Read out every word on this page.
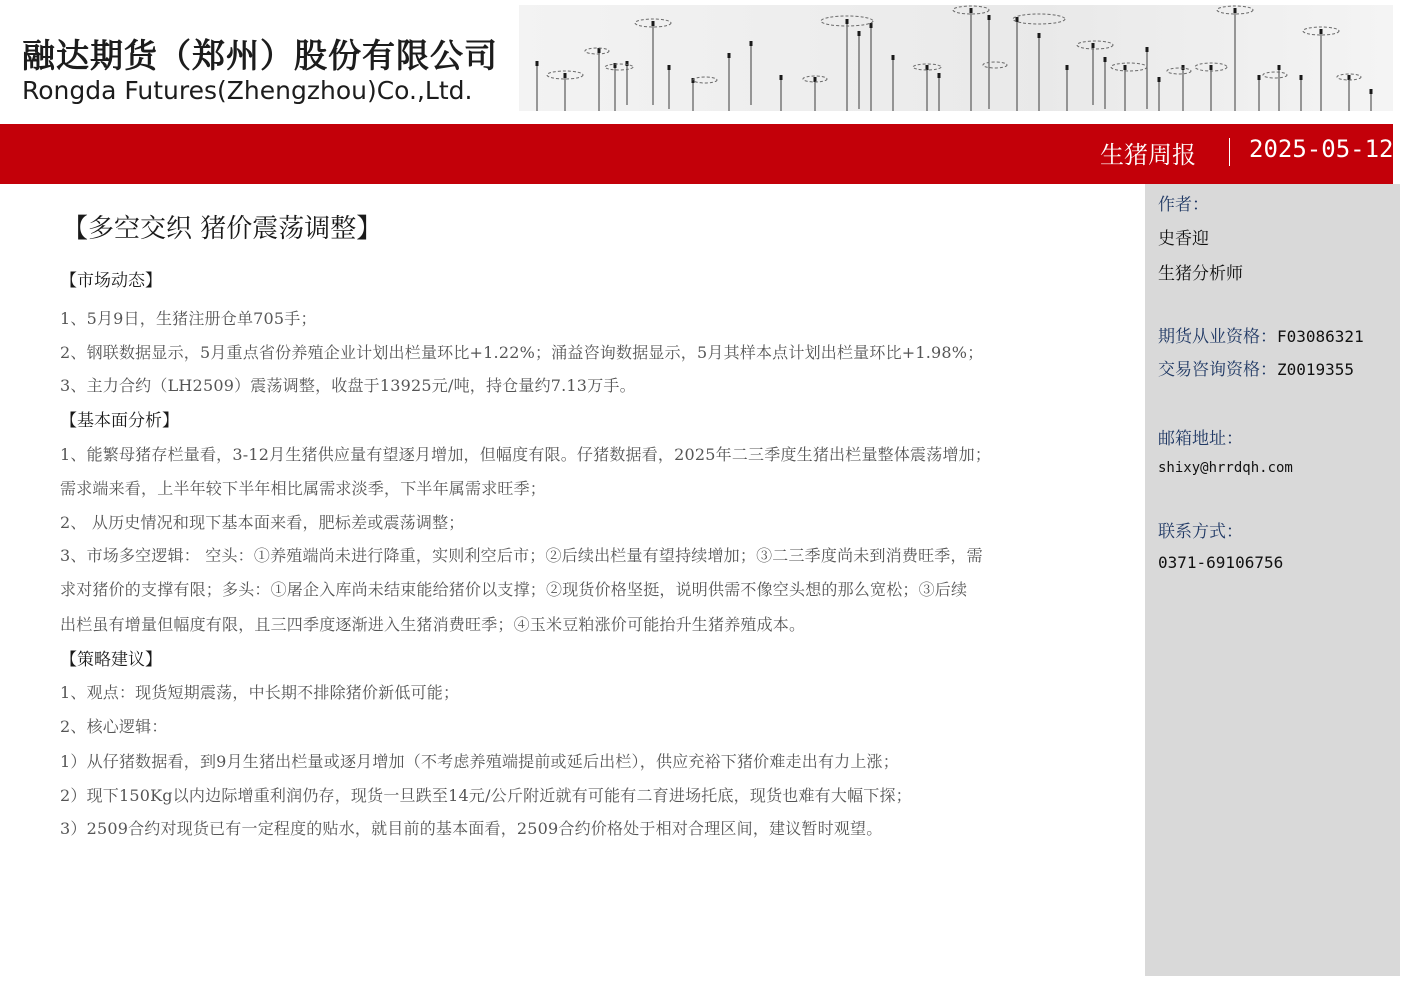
融达期货（郑州）股份有限公司
Rongda Futures(Zhengzhou)Co.,Ltd.
生猪周报 2025-05-12
【多空交织 猪价震荡调整】
【市场动态】
1、5月9日，生猪注册仓单705手；
2、钢联数据显示，5月重点省份养殖企业计划出栏量环比+1.22%；涌益咨询数据显示，5月其样本点计划出栏量环比+1.98%；
3、主力合约（LH2509）震荡调整，收盘于13925元/吨，持仓量约7.13万手。
【基本面分析】
1、能繁母猪存栏量看，3-12月生猪供应量有望逐月增加，但幅度有限。仔猪数据看，2025年二三季度生猪出栏量整体震荡增加；
需求端来看，上半年较下半年相比属需求淡季，下半年属需求旺季；
2、 从历史情况和现下基本面来看，肥标差或震荡调整；
3、市场多空逻辑： 空头：①养殖端尚未进行降重，实则利空后市；②后续出栏量有望持续增加；③二三季度尚未到消费旺季，需
求对猪价的支撑有限；多头：①屠企入库尚未结束能给猪价以支撑；②现货价格坚挺，说明供需不像空头想的那么宽松；③后续
出栏虽有增量但幅度有限，且三四季度逐渐进入生猪消费旺季；④玉米豆粕涨价可能抬升生猪养殖成本。
【策略建议】
1、观点：现货短期震荡，中长期不排除猪价新低可能；
2、核心逻辑：
1）从仔猪数据看，到9月生猪出栏量或逐月增加（不考虑养殖端提前或延后出栏），供应充裕下猪价难走出有力上涨；
2）现下150Kg以内边际增重利润仍存，现货一旦跌至14元/公斤附近就有可能有二育进场托底，现货也难有大幅下探；
3）2509合约对现货已有一定程度的贴水，就目前的基本面看，2509合约价格处于相对合理区间，建议暂时观望。
作者：
史香迎
生猪分析师
期货从业资格：F03086321
交易咨询资格：Z0019355
邮箱地址：
shixy@hrrdqh.com
联系方式：
0371-69106756
